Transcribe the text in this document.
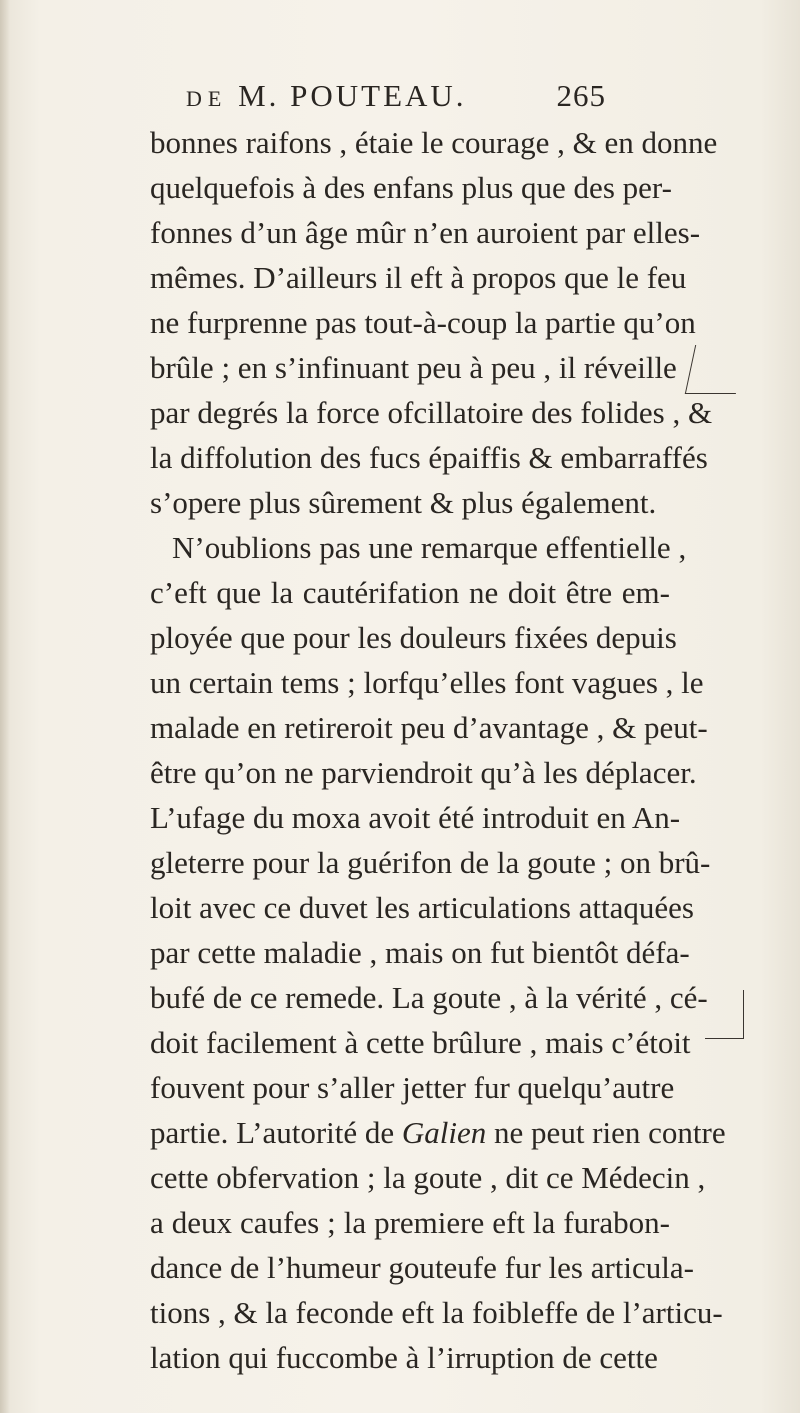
DE M. POUTEAU.	265
bonnes raifons , étaie le courage , & en donne
quelquefois à des enfans plus que des per-
fonnes d’un âge mûr n’en auroient par elles-
mêmes. D’ailleurs il eft à propos que le feu
ne furprenne pas tout-à-coup la partie qu’on
brûle ; en s’infinuant peu à peu , il réveille
par degrés la force ofcillatoire des folides , &
la diffolution des fucs épaiffis & embarraffés
s’opere plus sûrement & plus également.
N’oublions pas une remarque effentielle ,
c’eft que la cautérifation ne doit être em-
ployée que pour les douleurs fixées depuis
un certain tems ; lorfqu’elles font vagues , le
malade en retireroit peu d’avantage , & peut-
être qu’on ne parviendroit qu’à les déplacer.
L’ufage du moxa avoit été introduit en An-
gleterre pour la guérifon de la goute ; on brû-
loit avec ce duvet les articulations attaquées
par cette maladie , mais on fut bientôt défa-
bufé de ce remede. La goute , à la vérité , cé-
doit facilement à cette brûlure , mais c’étoit
fouvent pour s’aller jetter fur quelqu’autre
partie. L’autorité de Galien ne peut rien contre
cette obfervation ; la goute , dit ce Médecin ,
a deux caufes ; la premiere eft la furabon-
dance de l’humeur gouteufe fur les articula-
tions , & la feconde eft la foibleffe de l’articu-
lation qui fuccombe à l’irruption de cette
